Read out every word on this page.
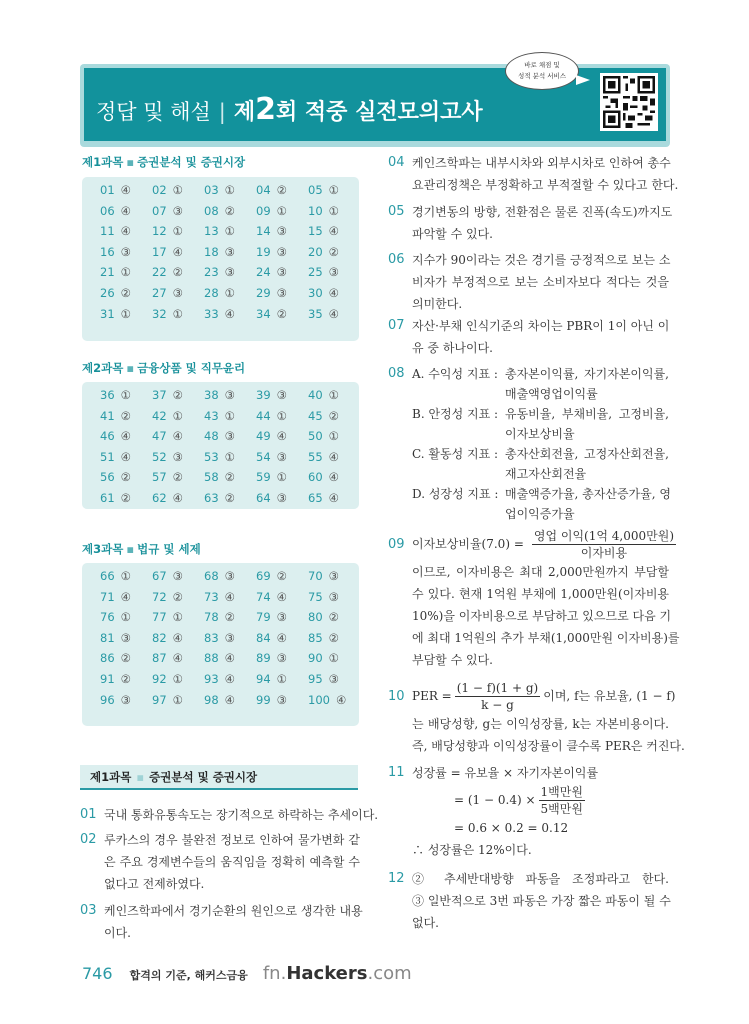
정답 및 해설 | 제2회 적중 실전모의고사
바로 채점 및
성적 분석 서비스
제1과목 ▪ 증권분석 및 증권시장
01 ④ 02 ① 03 ① 04 ② 05 ①
06 ④ 07 ③ 08 ② 09 ① 10 ①
11 ④ 12 ① 13 ① 14 ③ 15 ④
16 ③ 17 ④ 18 ③ 19 ③ 20 ②
21 ① 22 ② 23 ③ 24 ③ 25 ③
26 ② 27 ③ 28 ① 29 ③ 30 ④
31 ① 32 ① 33 ④ 34 ② 35 ④
제2과목 ▪ 금융상품 및 직무윤리
36 ① 37 ② 38 ③ 39 ③ 40 ①
41 ② 42 ① 43 ① 44 ① 45 ②
46 ④ 47 ④ 48 ③ 49 ④ 50 ①
51 ④ 52 ③ 53 ① 54 ③ 55 ④
56 ② 57 ② 58 ② 59 ① 60 ④
61 ② 62 ④ 63 ② 64 ③ 65 ④
제3과목 ▪ 법규 및 세제
66 ① 67 ③ 68 ③ 69 ② 70 ③
71 ④ 72 ② 73 ④ 74 ④ 75 ③
76 ① 77 ① 78 ② 79 ③ 80 ②
81 ③ 82 ④ 83 ③ 84 ④ 85 ②
86 ② 87 ④ 88 ④ 89 ③ 90 ①
91 ② 92 ① 93 ④ 94 ① 95 ③
96 ③ 97 ① 98 ④ 99 ③ 100 ④
제1과목 ▪ 증권분석 및 증권시장
01 국내 통화유통속도는 장기적으로 하락하는 추세이다.
02 루카스의 경우 불완전 정보로 인하여 물가변화 같
은 주요 경제변수들의 움직임을 정확히 예측할 수
없다고 전제하였다.
03 케인즈학파에서 경기순환의 원인으로 생각한 내용
이다.
04 케인즈학파는 내부시차와 외부시차로 인하여 총수
요관리정책은 부정확하고 부적절할 수 있다고 한다.
05 경기변동의 방향, 전환점은 물론 진폭(속도)까지도
파악할 수 있다.
06 지수가 90이라는 것은 경기를 긍정적으로 보는 소
비자가 부정적으로 보는 소비자보다 적다는 것을
의미한다.
07 자산·부채 인식기준의 차이는 PBR이 1이 아닌 이
유 중 하나이다.
08 A. 수익성 지표 : 총자본이익률, 자기자본이익률,
매출액영업이익률
B. 안정성 지표 : 유동비율, 부채비율, 고정비율,
이자보상비율
C. 활동성 지표 : 총자산회전율, 고정자산회전율,
재고자산회전율
D. 성장성 지표 : 매출액증가율, 총자산증가율, 영
업이익증가율
09 이자보상비율$(7.0) = \frac{\text{영업 이익(1억 4,000만원)}}{\text{이자비용}}$
이므로, 이자비용은 최대 2,000만원까지 부담할
수 있다. 현재 1억원 부채에 1,000만원(이자비용
10%)을 이자비용으로 부담하고 있으므로 다음 기
에 최대 1억원의 추가 부채(1,000만원 이자비용)를
부담할 수 있다.
10 PER = $\frac{(1 - f)(1 + g)}{k - g}$ 이며, f는 유보율, (1 − f)
는 배당성향, g는 이익성장률, k는 자본비용이다.
즉, 배당성향과 이익성장률이 클수록 PER은 커진다.
11 성장률 = 유보율 × 자기자본이익률
= $(1 - 0.4) \times \frac{\text{1백만원}}{\text{5백만원}}$
= 0.6 × 0.2 = 0.12
∴ 성장률은 12%이다.
12 ② 추세반대방향 파동을 조정파라고 한다.
③ 일반적으로 3번 파동은 가장 짧은 파동이 될 수
없다.
746 합격의 기준, 해커스금융 fn.Hackers.com
